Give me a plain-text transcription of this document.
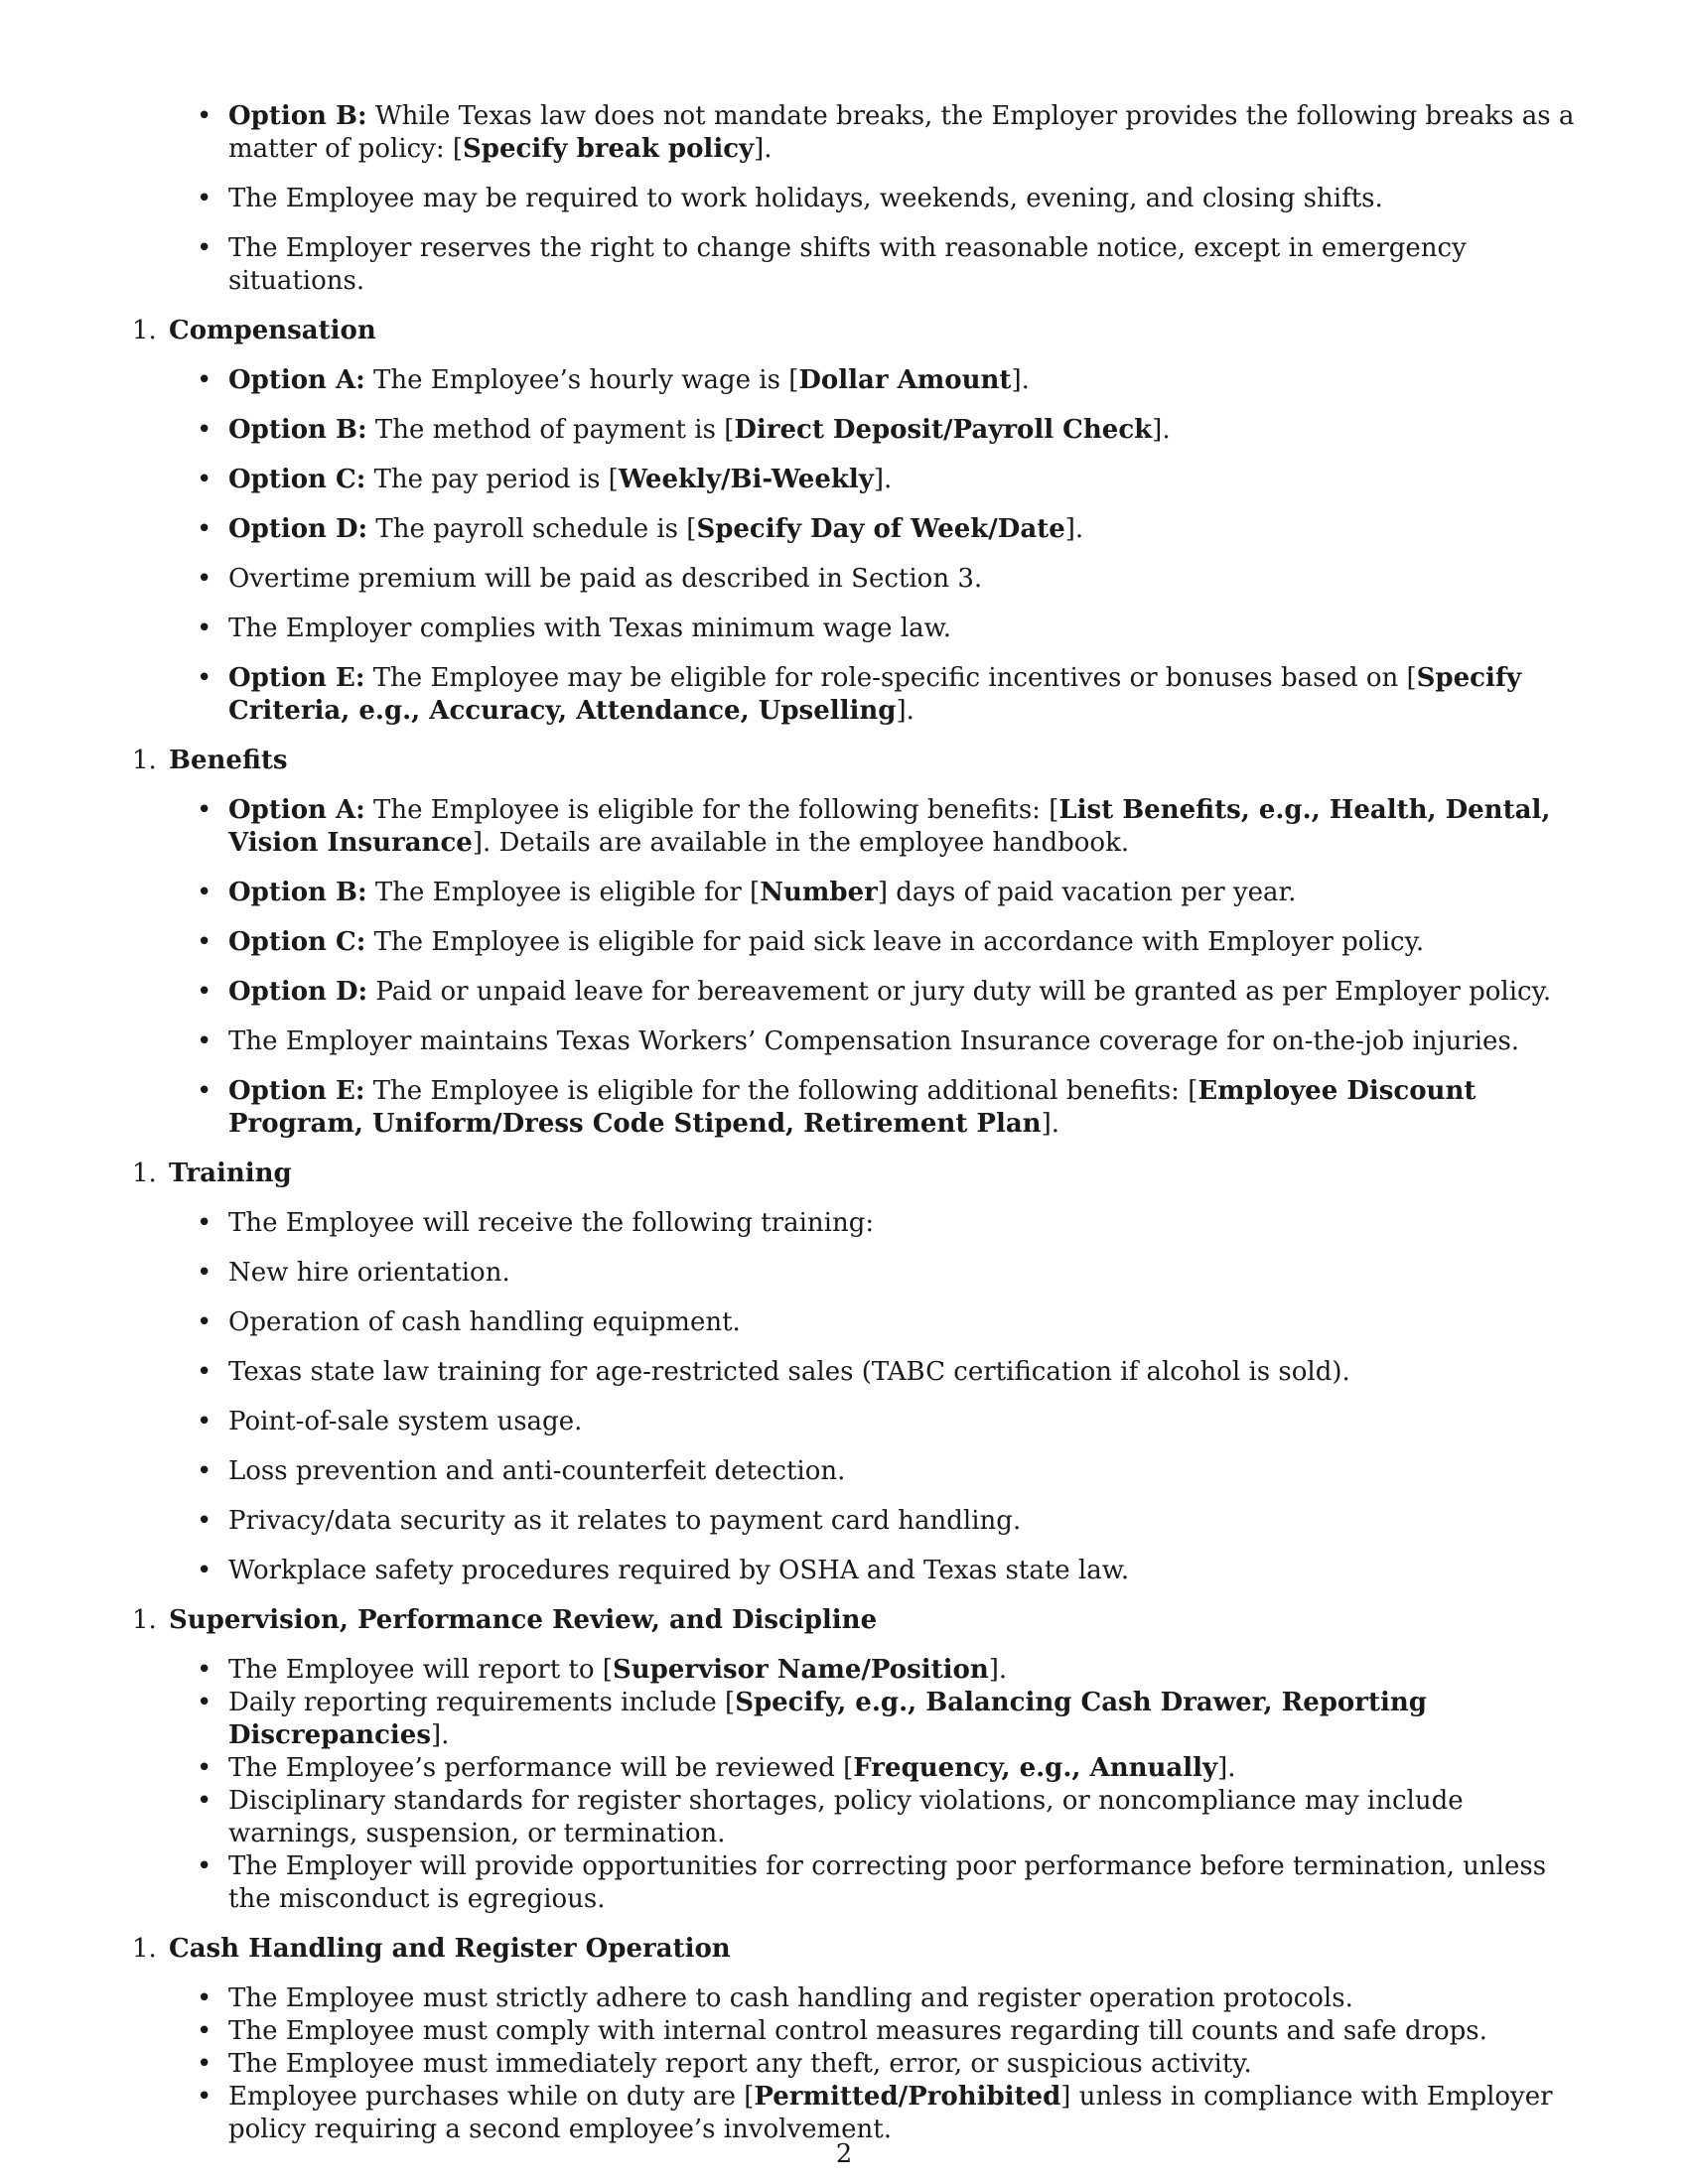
• Option B: While Texas law does not mandate breaks, the Employer provides the following breaks as a matter of policy: [Specify break policy].
• The Employee may be required to work holidays, weekends, evening, and closing shifts.
• The Employer reserves the right to change shifts with reasonable notice, except in emergency situations.
1. Compensation
• Option A: The Employee’s hourly wage is [Dollar Amount].
• Option B: The method of payment is [Direct Deposit/Payroll Check].
• Option C: The pay period is [Weekly/Bi-Weekly].
• Option D: The payroll schedule is [Specify Day of Week/Date].
• Overtime premium will be paid as described in Section 3.
• The Employer complies with Texas minimum wage law.
• Option E: The Employee may be eligible for role-specific incentives or bonuses based on [Specify Criteria, e.g., Accuracy, Attendance, Upselling].
1. Benefits
• Option A: The Employee is eligible for the following benefits: [List Benefits, e.g., Health, Dental, Vision Insurance]. Details are available in the employee handbook.
• Option B: The Employee is eligible for [Number] days of paid vacation per year.
• Option C: The Employee is eligible for paid sick leave in accordance with Employer policy.
• Option D: Paid or unpaid leave for bereavement or jury duty will be granted as per Employer policy.
• The Employer maintains Texas Workers’ Compensation Insurance coverage for on-the-job injuries.
• Option E: The Employee is eligible for the following additional benefits: [Employee Discount Program, Uniform/Dress Code Stipend, Retirement Plan].
1. Training
• The Employee will receive the following training:
• New hire orientation.
• Operation of cash handling equipment.
• Texas state law training for age-restricted sales (TABC certification if alcohol is sold).
• Point-of-sale system usage.
• Loss prevention and anti-counterfeit detection.
• Privacy/data security as it relates to payment card handling.
• Workplace safety procedures required by OSHA and Texas state law.
1. Supervision, Performance Review, and Discipline
• The Employee will report to [Supervisor Name/Position].
• Daily reporting requirements include [Specify, e.g., Balancing Cash Drawer, Reporting Discrepancies].
• The Employee’s performance will be reviewed [Frequency, e.g., Annually].
• Disciplinary standards for register shortages, policy violations, or noncompliance may include warnings, suspension, or termination.
• The Employer will provide opportunities for correcting poor performance before termination, unless the misconduct is egregious.
1. Cash Handling and Register Operation
• The Employee must strictly adhere to cash handling and register operation protocols.
• The Employee must comply with internal control measures regarding till counts and safe drops.
• The Employee must immediately report any theft, error, or suspicious activity.
• Employee purchases while on duty are [Permitted/Prohibited] unless in compliance with Employer policy requiring a second employee’s involvement.
2
